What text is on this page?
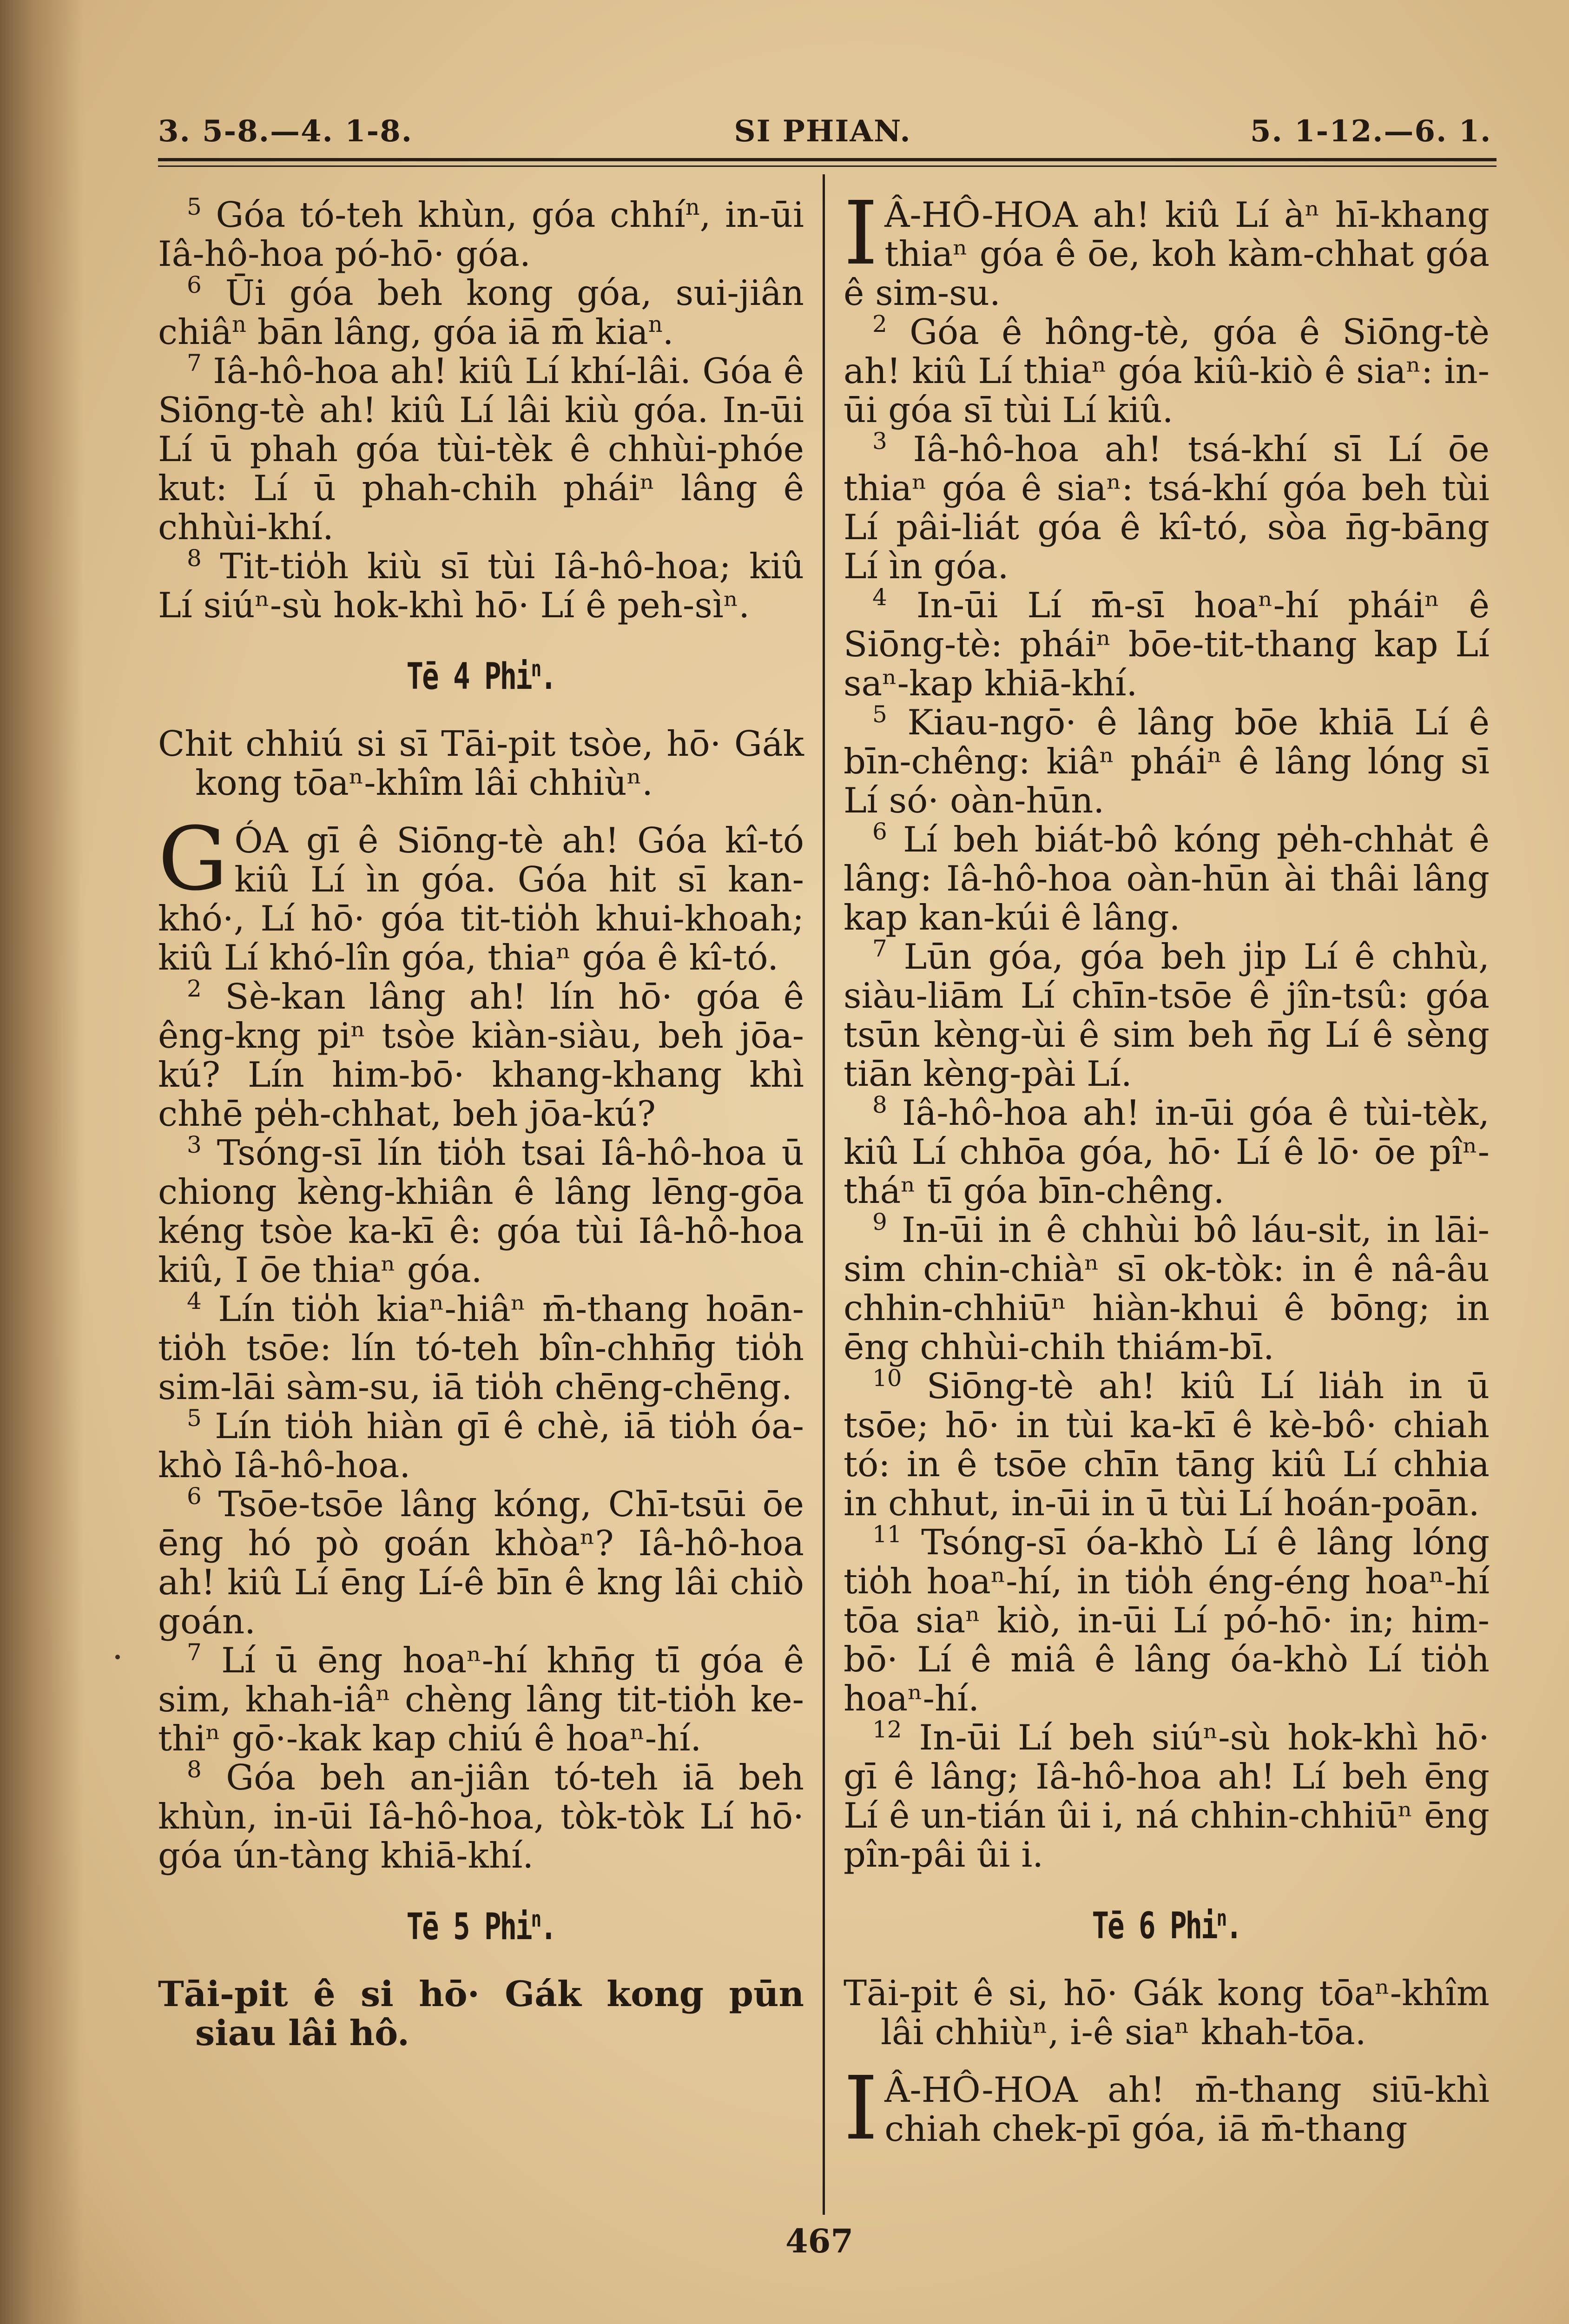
3. 5-8.—4. 1-8.	SI PHIAN.	5. 1-12.—6. 1.

$^5$ Góa tó-teh khùn, góa chhí$^n$, in-ūi Iâ-hô-hoa pó-hō· góa.

$^6$ Ūi góa beh kong góa, sui-jiân chiâ$^n$ bān lâng, góa iā m̄ kia$^n$.

$^7$ Iâ-hô-hoa ah! kiû Lí khí-lâi. Góa ê Siōng-tè ah! kiû Lí lâi kiù góa. In-ūi Lí ū phah góa tùi-tèk ê chhùi-phóe kut: Lí ū phah-chih pháiⁿ lâng ê chhùi-khí.

$^8$ Tit-tio̍h kiù sī tùi Iâ-hô-hoa; kiû Lí siúⁿ-sù hok-khì hō· Lí ê peh-sìⁿ.

Tē 4 Phi$^n$.

Chit chhiú si sī Tāi-pit tsòe, hō· Gák kong tōaⁿ-khîm lâi chhiùⁿ.

GÓA gī ê Siōng-tè ah! Góa kî-tó kiû Lí ìn góa. Góa hit sī kan-khó·, Lí hō· góa tit-tio̍h khui-khoah; kiû Lí khó-lîn góa, thiaⁿ góa ê kî-tó.

$^2$ Sè-kan lâng ah! lín hō· góa ê êng-kng piⁿ tsòe kiàn-siàu, beh jōa-kú? Lín him-bō· khang-khang khì chhē pe̍h-chhat, beh jōa-kú?

$^3$ Tsóng-sī lín tio̍h tsai Iâ-hô-hoa ū chiong kèng-khiân ê lâng lēng-gōa kéng tsòe ka-kī ê: góa tùi Iâ-hô-hoa kiû, I ōe thiaⁿ góa.

$^4$ Lín tio̍h kiaⁿ-hiâⁿ m̄-thang hoān-tio̍h tsōe: lín tó-teh bîn-chhn̄g tio̍h sim-lāi sàm-su, iā tio̍h chēng-chēng.

$^5$ Lín tio̍h hiàn gī ê chè, iā tio̍h óa-khò Iâ-hô-hoa.

$^6$ Tsōe-tsōe lâng kóng, Chī-tsūi ōe ēng hó pò goán khòaⁿ? Iâ-hô-hoa ah! kiû Lí ēng Lí-ê bīn ê kng lâi chiò goán.

$^7$ Lí ū ēng hoaⁿ-hí khn̄g tī góa ê sim, khah-iâⁿ chèng lâng tit-tio̍h ke-thiⁿ gō·-kak kap chiú ê hoaⁿ-hí.

$^8$ Góa beh an-jiân tó-teh iā beh khùn, in-ūi Iâ-hô-hoa, tòk-tòk Lí hō· góa ún-tàng khiā-khí.

Tē 5 Phi$^n$.

Tāi-pit ê si hō· Gák kong pūn siau lâi hô.

I Â-HÔ-HOA ah! kiû Lí àⁿ hī-khang thiaⁿ góa ê ōe, koh kàm-chhat góa ê sim-su.

$^2$ Góa ê hông-tè, góa ê Siōng-tè ah! kiû Lí thiaⁿ góa kiû-kiò ê siaⁿ: in-ūi góa sī tùi Lí kiû.

$^3$ Iâ-hô-hoa ah! tsá-khí sī Lí ōe thiaⁿ góa ê siaⁿ: tsá-khí góa beh tùi Lí pâi-liát góa ê kî-tó, sòa n̄g-bāng Lí ìn góa.

$^4$ In-ūi Lí m̄-sī hoaⁿ-hí pháiⁿ ê Siōng-tè: pháiⁿ bōe-tit-thang kap Lí saⁿ-kap khiā-khí.

$^5$ Kiau-ngō· ê lâng bōe khiā Lí ê bīn-chêng: kiâⁿ pháiⁿ ê lâng lóng sī Lí só· oàn-hūn.

$^6$ Lí beh biát-bô kóng pe̍h-chha̍t ê lâng: Iâ-hô-hoa oàn-hūn ài thâi lâng kap kan-kúi ê lâng.

$^7$ Lūn góa, góa beh ji̍p Lí ê chhù, siàu-liām Lí chīn-tsōe ê jîn-tsû: góa tsūn kèng-ùi ê sim beh n̄g Lí ê sèng tiān kèng-pài Lí.

$^8$ Iâ-hô-hoa ah! in-ūi góa ê tùi-tèk, kiû Lí chhōa góa, hō· Lí ê lō· ōe pîⁿ-tháⁿ tī góa bīn-chêng.

$^9$ In-ūi in ê chhùi bô láu-si̍t, in lāi-sim chin-chiàⁿ sī ok-tòk: in ê nâ-âu chhin-chhiūⁿ hiàn-khui ê bōng; in ēng chhùi-chih thiám-bī.

$^{10}$ Siōng-tè ah! kiû Lí lia̍h in ū tsōe; hō· in tùi ka-kī ê kè-bô· chiah tó: in ê tsōe chīn tāng kiû Lí chhia in chhut, in-ūi in ū tùi Lí hoán-poān.

$^{11}$ Tsóng-sī óa-khò Lí ê lâng lóng tio̍h hoaⁿ-hí, in tio̍h éng-éng hoaⁿ-hí tōa siaⁿ kiò, in-ūi Lí pó-hō· in; him-bō· Lí ê miâ ê lâng óa-khò Lí tio̍h hoaⁿ-hí.

$^{12}$ In-ūi Lí beh siúⁿ-sù hok-khì hō· gī ê lâng; Iâ-hô-hoa ah! Lí beh ēng Lí ê un-tián ûi i, ná chhin-chhiūⁿ ēng pîn-pâi ûi i.

Tē 6 Phi$^n$.

Tāi-pit ê si, hō· Gák kong tōaⁿ-khîm lâi chhiùⁿ, i-ê siaⁿ khah-tōa.

I Â-HÔ-HOA ah! m̄-thang siū-khì chiah chek-pī góa, iā m̄-thang

467
